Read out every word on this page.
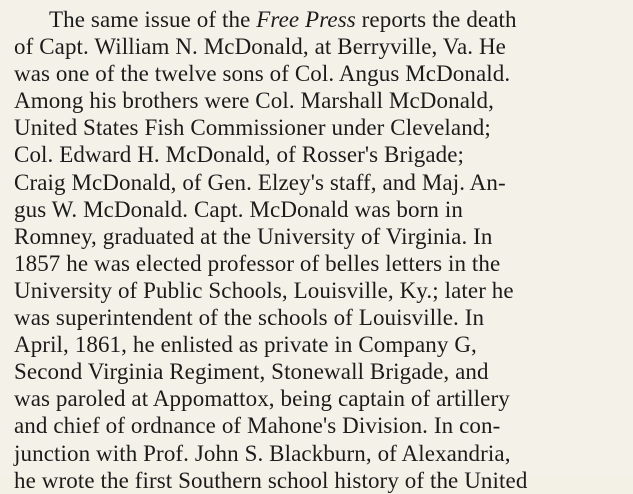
The same issue of the Free Press reports the death
of Capt. William N. McDonald, at Berryville, Va. He
was one of the twelve sons of Col. Angus McDonald.
Among his brothers were Col. Marshall McDonald,
United States Fish Commissioner under Cleveland;
Col. Edward H. McDonald, of Rosser's Brigade;
Craig McDonald, of Gen. Elzey's staff, and Maj. An-
gus W. McDonald. Capt. McDonald was born in
Romney, graduated at the University of Virginia. In
1857 he was elected professor of belles letters in the
University of Public Schools, Louisville, Ky.; later he
was superintendent of the schools of Louisville. In
April, 1861, he enlisted as private in Company G,
Second Virginia Regiment, Stonewall Brigade, and
was paroled at Appomattox, being captain of artillery
and chief of ordnance of Mahone's Division. In con-
junction with Prof. John S. Blackburn, of Alexandria,
he wrote the first Southern school history of the United
